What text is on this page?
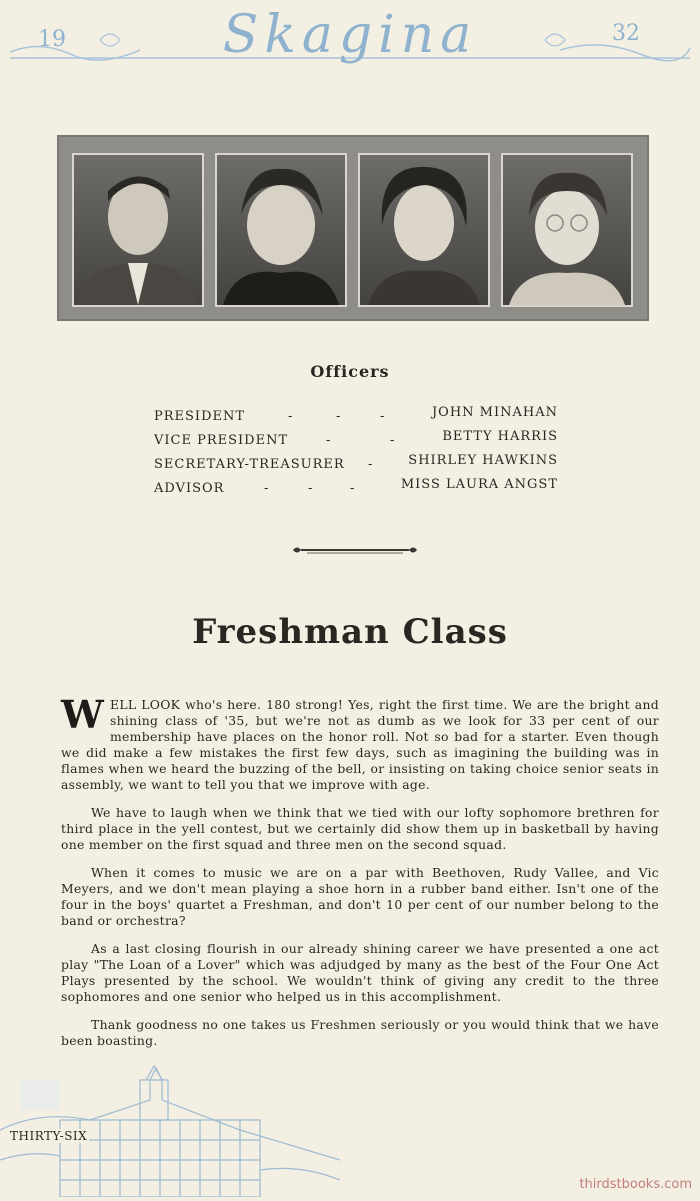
19	Skagina	32
Officers
PRESIDENT	-	-	-	JOHN MINAHAN
VICE PRESIDENT	-	-	BETTY HARRIS
SECRETARY-TREASURER -	SHIRLEY HAWKINS
ADVISOR	-	-	-	MISS LAURA ANGST
Freshman Class

WELL LOOK who's here. 180 strong! Yes, right the first time. We are the bright and shining class of '35, but we're not as dumb as we look for 33 per cent of our membership have places on the honor roll. Not so bad for a starter. Even though we did make a few mistakes the first few days, such as imagining the building was in flames when we heard the buzzing of the bell, or insisting on taking choice senior seats in assembly, we want to tell you that we improve with age.

We have to laugh when we think that we tied with our lofty sophomore brethren for third place in the yell contest, but we certainly did show them up in basketball by having one member on the first squad and three men on the second squad.

When it comes to music we are on a par with Beethoven, Rudy Vallee, and Vic Meyers, and we don't mean playing a shoe horn in a rubber band either. Isn't one of the four in the boys' quartet a Freshman, and don't 10 per cent of our number belong to the band or orchestra?

As a last closing flourish in our already shining career we have presented a one act play "The Loan of a Lover" which was adjudged by many as the best of the Four One Act Plays presented by the school. We wouldn't think of giving any credit to the three sophomores and one senior who helped us in this accomplishment.

Thank goodness no one takes us Freshmen seriously or you would think that we have been boasting.

THIRTY-SIX
thirdstbooks.com
